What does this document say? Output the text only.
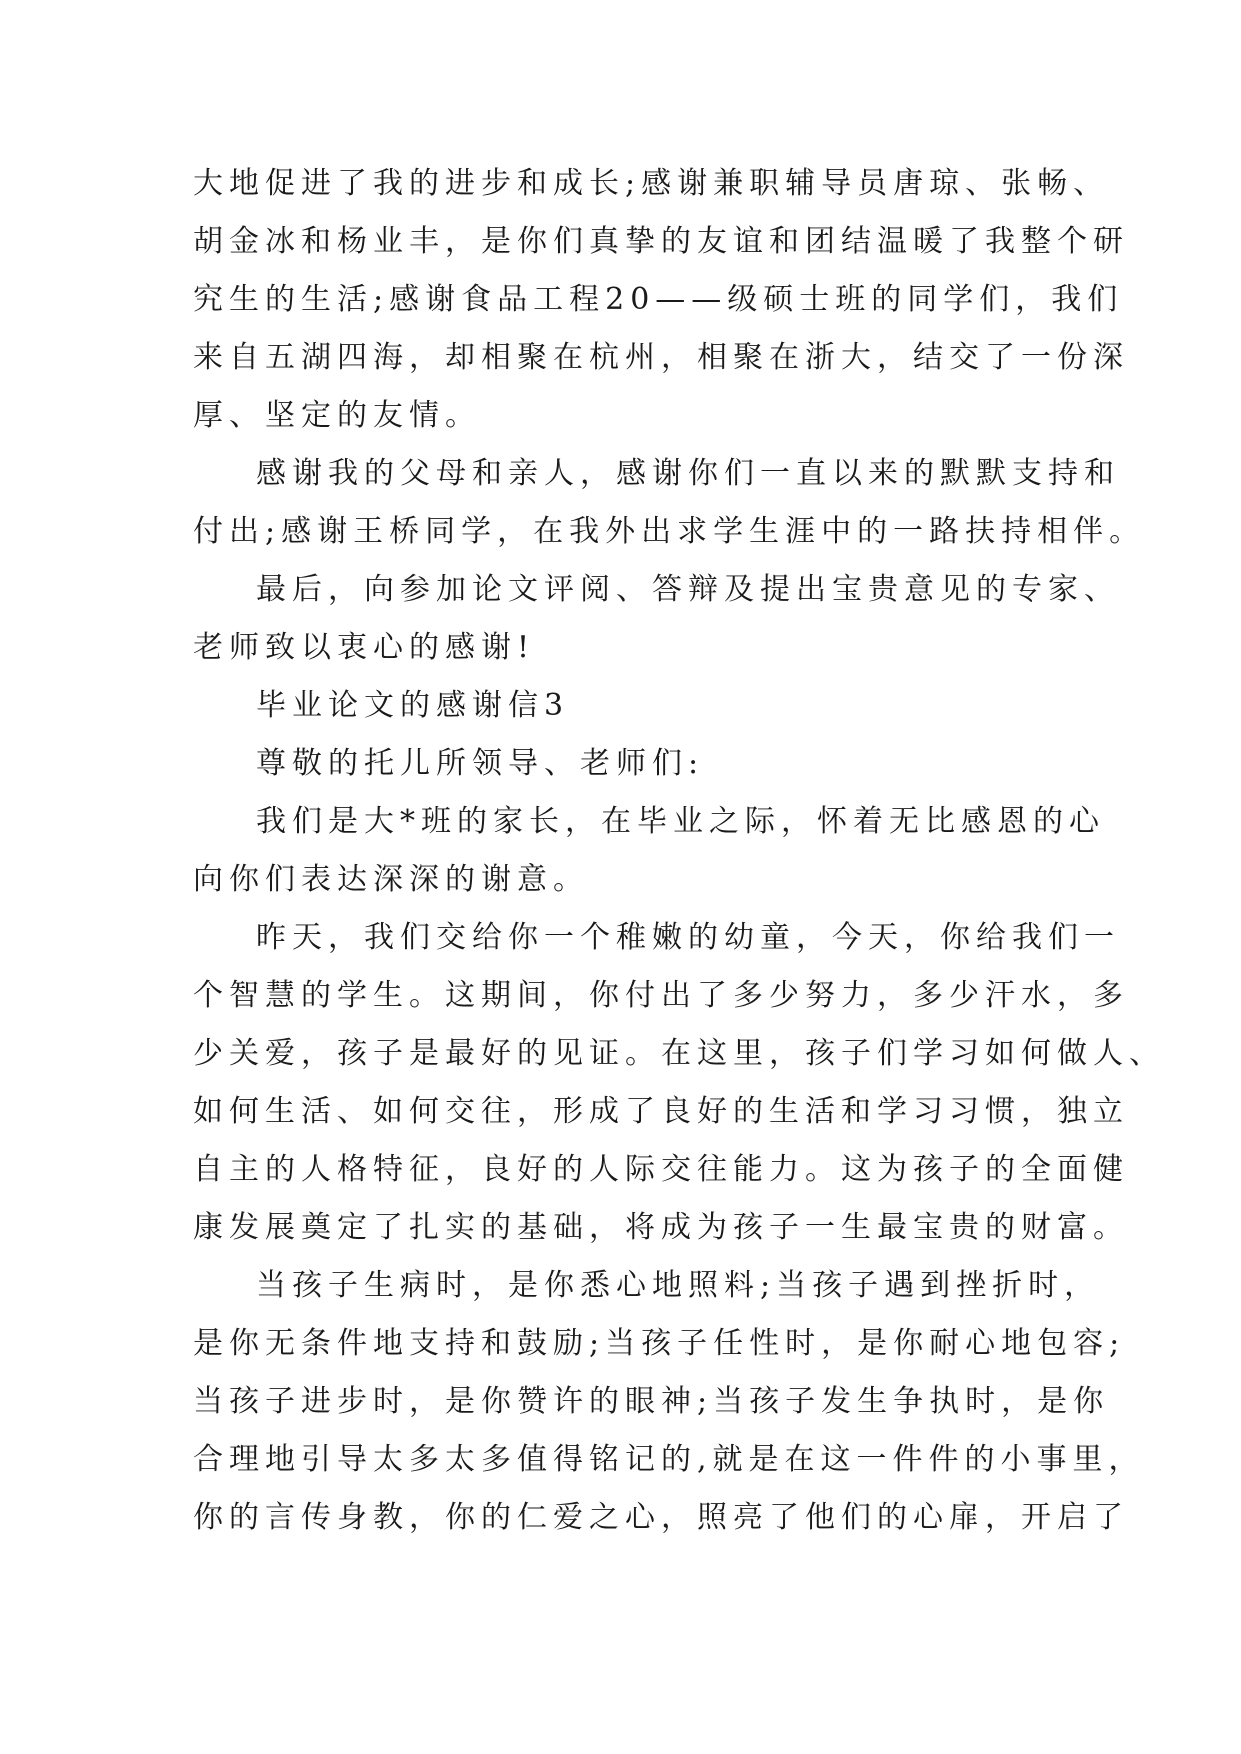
大地促进了我的进步和成长;感谢兼职辅导员唐琼、张畅、
胡金冰和杨业丰，是你们真挚的友谊和团结温暖了我整个研
究生的生活;感谢食品工程20——级硕士班的同学们，我们
来自五湖四海，却相聚在杭州，相聚在浙大，结交了一份深
厚、坚定的友情。
感谢我的父母和亲人，感谢你们一直以来的默默支持和
付出;感谢王桥同学，在我外出求学生涯中的一路扶持相伴。
最后，向参加论文评阅、答辩及提出宝贵意见的专家、
老师致以衷心的感谢!
毕业论文的感谢信3
尊敬的托儿所领导、老师们:
我们是大*班的家长，在毕业之际，怀着无比感恩的心
向你们表达深深的谢意。
昨天，我们交给你一个稚嫩的幼童，今天，你给我们一
个智慧的学生。这期间，你付出了多少努力，多少汗水，多
少关爱，孩子是最好的见证。在这里，孩子们学习如何做人、
如何生活、如何交往，形成了良好的生活和学习习惯，独立
自主的人格特征，良好的人际交往能力。这为孩子的全面健
康发展奠定了扎实的基础，将成为孩子一生最宝贵的财富。
当孩子生病时，是你悉心地照料;当孩子遇到挫折时，
是你无条件地支持和鼓励;当孩子任性时，是你耐心地包容;
当孩子进步时，是你赞许的眼神;当孩子发生争执时，是你
合理地引导太多太多值得铭记的,就是在这一件件的小事里，
你的言传身教，你的仁爱之心，照亮了他们的心扉，开启了
